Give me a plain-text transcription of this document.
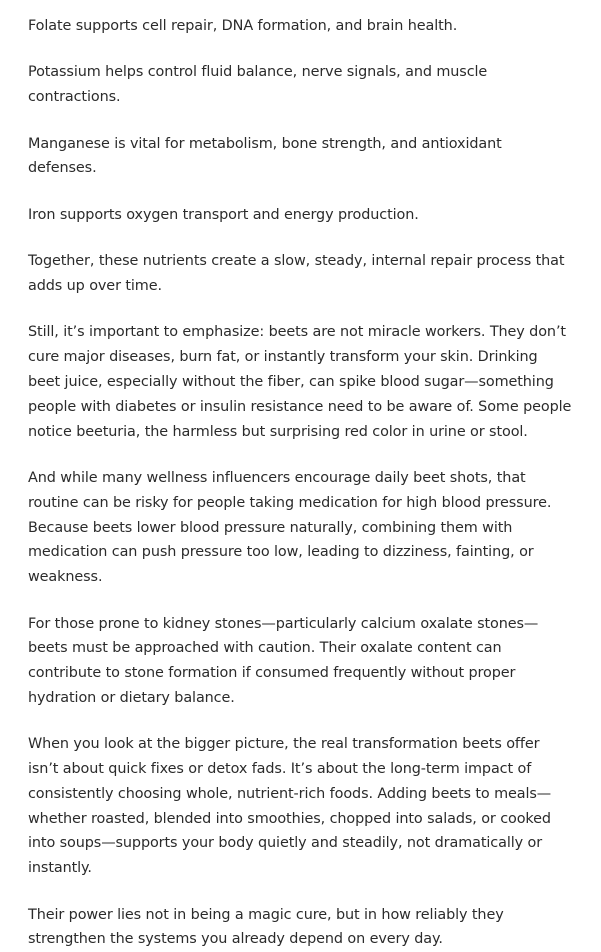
Folate supports cell repair, DNA formation, and brain health.

Potassium helps control fluid balance, nerve signals, and muscle contractions.

Manganese is vital for metabolism, bone strength, and antioxidant defenses.

Iron supports oxygen transport and energy production.

Together, these nutrients create a slow, steady, internal repair process that adds up over time.

Still, it’s important to emphasize: beets are not miracle workers. They don’t cure major diseases, burn fat, or instantly transform your skin. Drinking beet juice, especially without the fiber, can spike blood sugar—something people with diabetes or insulin resistance need to be aware of. Some people notice beeturia, the harmless but surprising red color in urine or stool.

And while many wellness influencers encourage daily beet shots, that routine can be risky for people taking medication for high blood pressure. Because beets lower blood pressure naturally, combining them with medication can push pressure too low, leading to dizziness, fainting, or weakness.

For those prone to kidney stones—particularly calcium oxalate stones—beets must be approached with caution. Their oxalate content can contribute to stone formation if consumed frequently without proper hydration or dietary balance.

When you look at the bigger picture, the real transformation beets offer isn’t about quick fixes or detox fads. It’s about the long-term impact of consistently choosing whole, nutrient-rich foods. Adding beets to meals—whether roasted, blended into smoothies, chopped into salads, or cooked into soups—supports your body quietly and steadily, not dramatically or instantly.

Their power lies not in being a magic cure, but in how reliably they strengthen the systems you already depend on every day.
